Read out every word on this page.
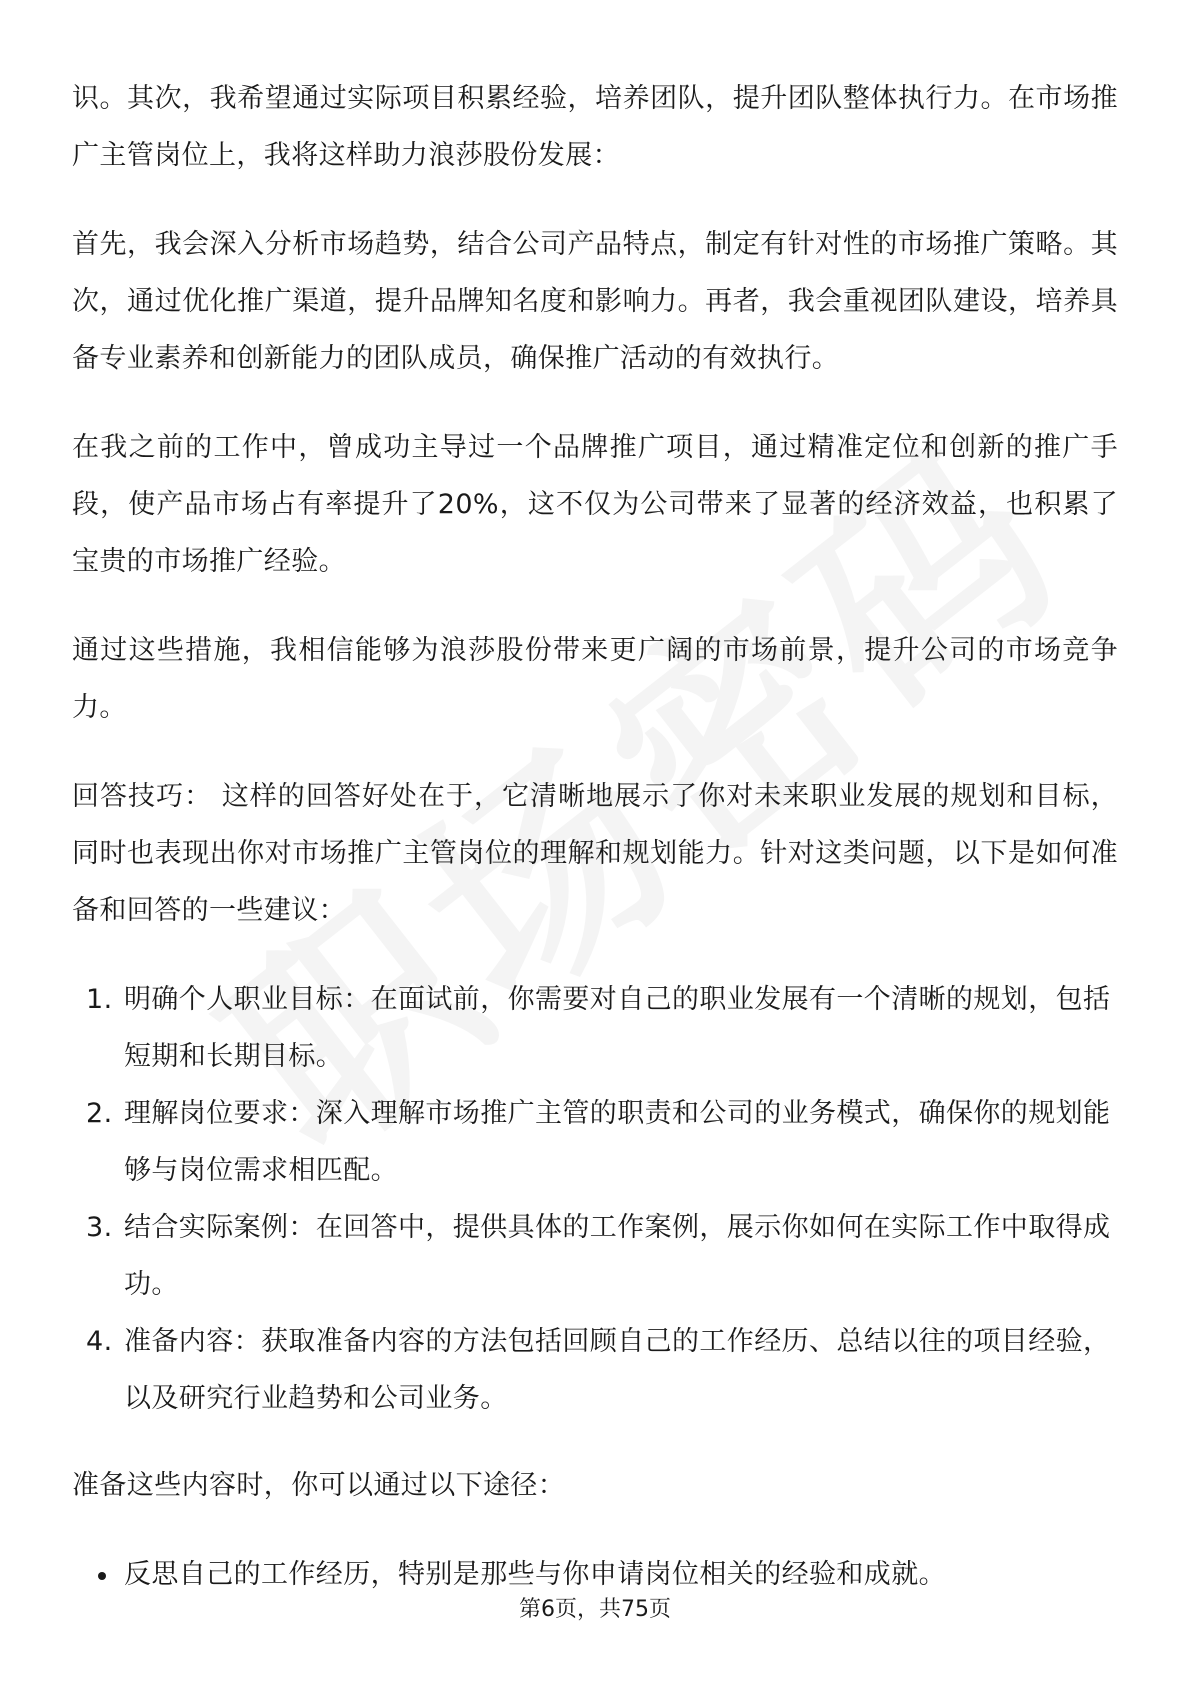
识。其次，我希望通过实际项目积累经验，培养团队，提升团队整体执行力。在市场推广主管岗位上，我将这样助力浪莎股份发展：

首先，我会深入分析市场趋势，结合公司产品特点，制定有针对性的市场推广策略。其次，通过优化推广渠道，提升品牌知名度和影响力。再者，我会重视团队建设，培养具备专业素养和创新能力的团队成员，确保推广活动的有效执行。

在我之前的工作中，曾成功主导过一个品牌推广项目，通过精准定位和创新的推广手段，使产品市场占有率提升了20%，这不仅为公司带来了显著的经济效益，也积累了宝贵的市场推广经验。

通过这些措施，我相信能够为浪莎股份带来更广阔的市场前景，提升公司的市场竞争力。

回答技巧： 这样的回答好处在于，它清晰地展示了你对未来职业发展的规划和目标，同时也表现出你对市场推广主管岗位的理解和规划能力。针对这类问题，以下是如何准备和回答的一些建议：

1. 明确个人职业目标：在面试前，你需要对自己的职业发展有一个清晰的规划，包括短期和长期目标。
2. 理解岗位要求：深入理解市场推广主管的职责和公司的业务模式，确保你的规划能够与岗位需求相匹配。
3. 结合实际案例：在回答中，提供具体的工作案例，展示你如何在实际工作中取得成功。
4. 准备内容：获取准备内容的方法包括回顾自己的工作经历、总结以往的项目经验，以及研究行业趋势和公司业务。

准备这些内容时，你可以通过以下途径：

反思自己的工作经历，特别是那些与你申请岗位相关的经验和成就。
第6页，共75页
